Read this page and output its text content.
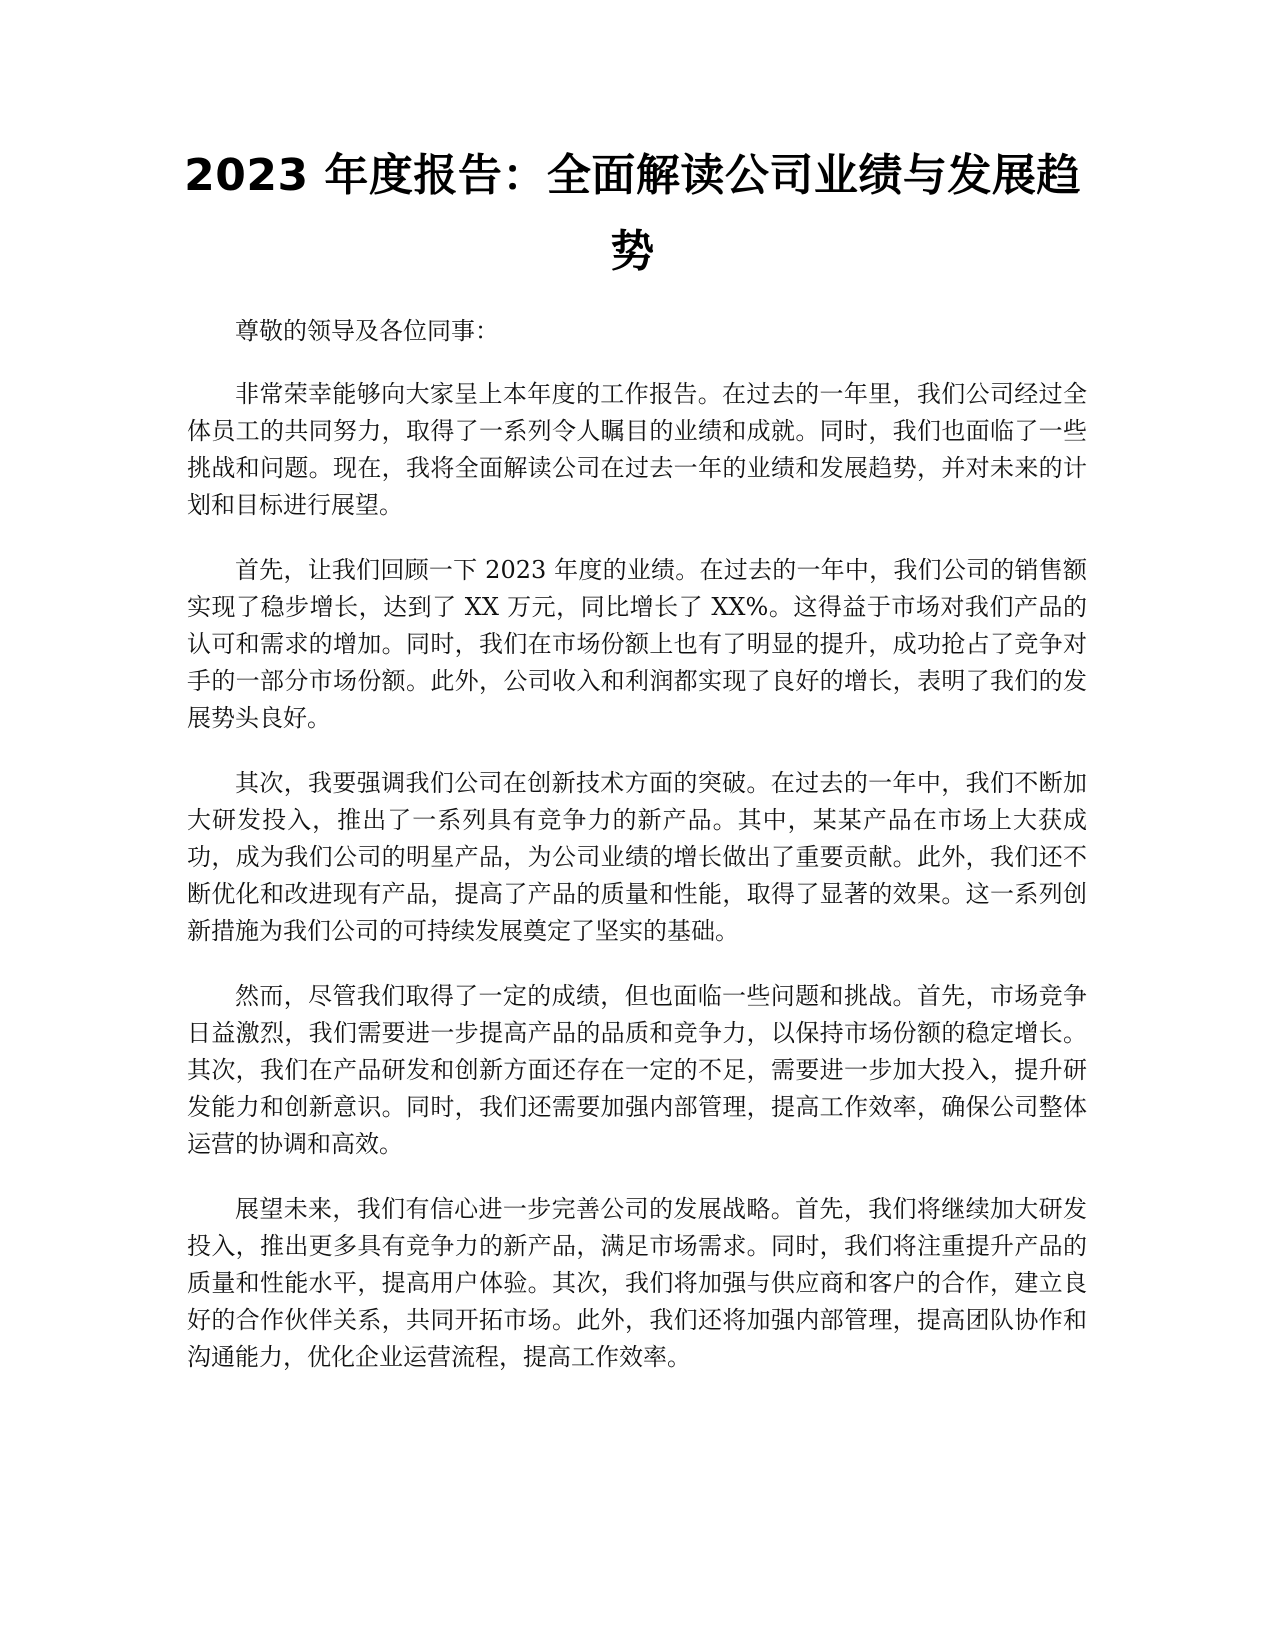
2023 年度报告：全面解读公司业绩与发展趋势

尊敬的领导及各位同事：

非常荣幸能够向大家呈上本年度的工作报告。在过去的一年里，我们公司经过全体员工的共同努力，取得了一系列令人瞩目的业绩和成就。同时，我们也面临了一些挑战和问题。现在，我将全面解读公司在过去一年的业绩和发展趋势，并对未来的计划和目标进行展望。

首先，让我们回顾一下 2023 年度的业绩。在过去的一年中，我们公司的销售额实现了稳步增长，达到了 XX 万元，同比增长了 XX%。这得益于市场对我们产品的认可和需求的增加。同时，我们在市场份额上也有了明显的提升，成功抢占了竞争对手的一部分市场份额。此外，公司收入和利润都实现了良好的增长，表明了我们的发展势头良好。

其次，我要强调我们公司在创新技术方面的突破。在过去的一年中，我们不断加大研发投入，推出了一系列具有竞争力的新产品。其中，某某产品在市场上大获成功，成为我们公司的明星产品，为公司业绩的增长做出了重要贡献。此外，我们还不断优化和改进现有产品，提高了产品的质量和性能，取得了显著的效果。这一系列创新措施为我们公司的可持续发展奠定了坚实的基础。

然而，尽管我们取得了一定的成绩，但也面临一些问题和挑战。首先，市场竞争日益激烈，我们需要进一步提高产品的品质和竞争力，以保持市场份额的稳定增长。其次，我们在产品研发和创新方面还存在一定的不足，需要进一步加大投入，提升研发能力和创新意识。同时，我们还需要加强内部管理，提高工作效率，确保公司整体运营的协调和高效。

展望未来，我们有信心进一步完善公司的发展战略。首先，我们将继续加大研发投入，推出更多具有竞争力的新产品，满足市场需求。同时，我们将注重提升产品的质量和性能水平，提高用户体验。其次，我们将加强与供应商和客户的合作，建立良好的合作伙伴关系，共同开拓市场。此外，我们还将加强内部管理，提高团队协作和沟通能力，优化企业运营流程，提高工作效率。
